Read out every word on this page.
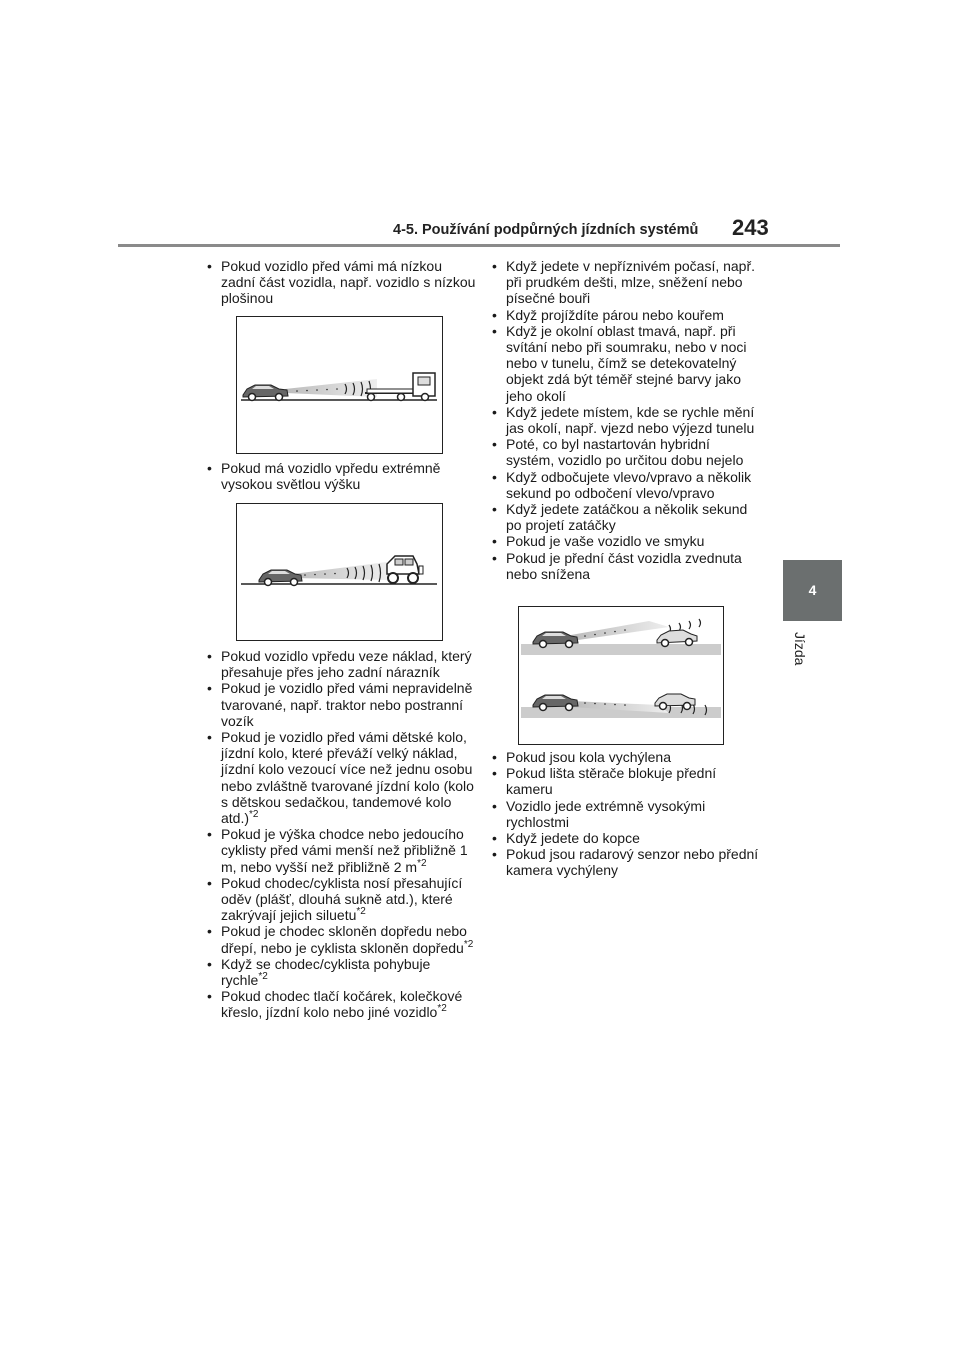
4-5. Používání podpůrných jízdních systémů 243
4
Jízda
• Pokud vozidlo před vámi má nízkou zadní část vozidla, např. vozidlo s nízkou plošinou
• Pokud má vozidlo vpředu extrémně vysokou světlou výšku
• Pokud vozidlo vpředu veze náklad, který přesahuje přes jeho zadní nárazník
• Pokud je vozidlo před vámi nepravidelně tvarované, např. traktor nebo postranní vozík
• Pokud je vozidlo před vámi dětské kolo, jízdní kolo, které převáží velký náklad, jízdní kolo vezoucí více než jednu osobu nebo zvláštně tvarované jízdní kolo (kolo s dětskou sedačkou, tandemové kolo atd.)$^{*2}$
• Pokud je výška chodce nebo jedoucího cyklisty před vámi menší než přibližně 1 m, nebo vyšší než přibližně 2 m$^{*2}$
• Pokud chodec/cyklista nosí přesahující oděv (plášť, dlouhá sukně atd.), které zakrývají jejich siluetu$^{*2}$
• Pokud je chodec skloněn dopředu nebo dřepí, nebo je cyklista skloněn dopředu$^{*2}$
• Když se chodec/cyklista pohybuje rychle$^{*2}$
• Pokud chodec tlačí kočárek, kolečkové křeslo, jízdní kolo nebo jiné vozidlo$^{*2}$
• Když jedete v nepříznivém počasí, např. při prudkém dešti, mlze, sněžení nebo písečné bouři
• Když projíždíte párou nebo kouřem
• Když je okolní oblast tmavá, např. při svítání nebo při soumraku, nebo v noci nebo v tunelu, čímž se detekovatelný objekt zdá být téměř stejné barvy jako jeho okolí
• Když jedete místem, kde se rychle mění jas okolí, např. vjezd nebo výjezd tunelu
• Poté, co byl nastartován hybridní systém, vozidlo po určitou dobu nejelo
• Když odbočujete vlevo/vpravo a několik sekund po odbočení vlevo/vpravo
• Když jedete zatáčkou a několik sekund po projetí zatáčky
• Pokud je vaše vozidlo ve smyku
• Pokud je přední část vozidla zvednuta nebo snížena
• Pokud jsou kola vychýlena
• Pokud lišta stěrače blokuje přední kameru
• Vozidlo jede extrémně vysokými rychlostmi
• Když jedete do kopce
• Pokud jsou radarový senzor nebo přední kamera vychýleny
